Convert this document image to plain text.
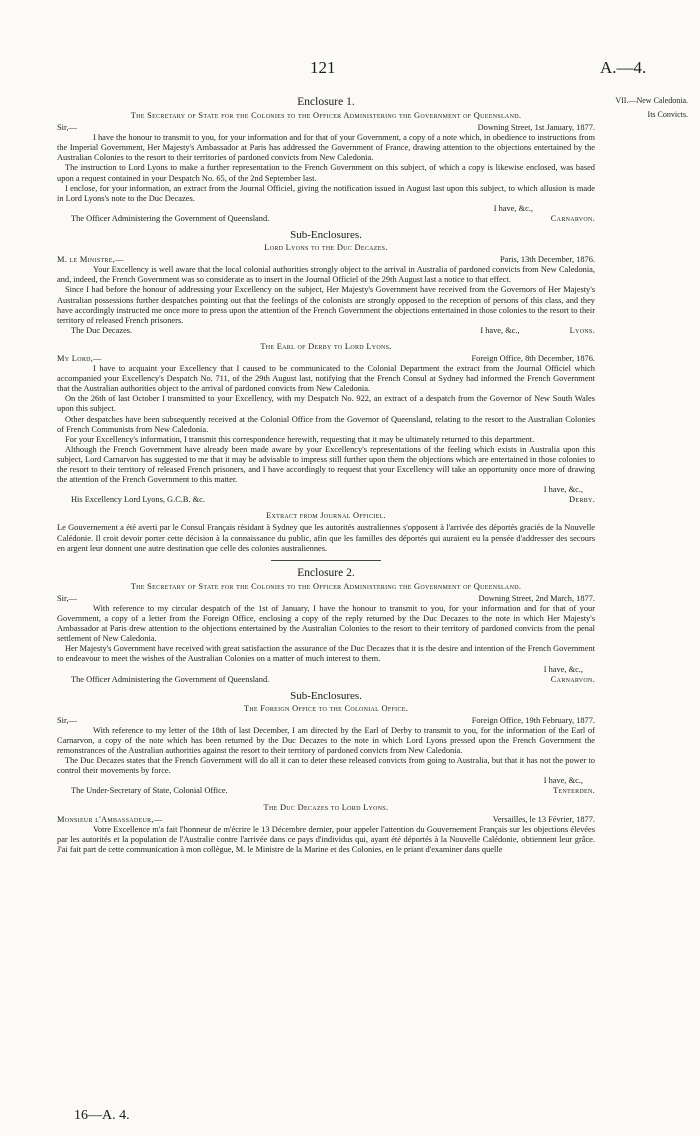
121	A.—4.
VII.—New Caledonia.
Its Convicts.
Enclosure 1.
The Secretary of State for the Colonies to the Officer Administering the Government of Queensland.
Sir,—	Downing Street, 1st January, 1877.

I have the honour to transmit to you, for your information and for that of your Government, a copy of a note which, in obedience to instructions from the Imperial Government, Her Majesty's Ambassador at Paris has addressed the Government of France, drawing attention to the objections entertained by the Australian Colonies to the resort to their territories of pardoned convicts from New Caledonia.

The instruction to Lord Lyons to make a further representation to the French Government on this subject, of which a copy is likewise enclosed, was based upon a request contained in your Despatch No. 65, of the 2nd September last.

I enclose, for your information, an extract from the Journal Officiel, giving the notification issued in August last upon this subject, to which allusion is made in Lord Lyons's note to the Duc Decazes.

I have, &c.,
The Officer Administering the Government of Queensland.	Carnarvon.
Sub-Enclosures.
Lord Lyons to the Duc Decazes.
M. le Ministre,—	Paris, 13th December, 1876.

Your Excellency is well aware that the local colonial authorities strongly object to the arrival in Australia of pardoned convicts from New Caledonia, and, indeed, the French Government was so considerate as to insert in the Journal Officiel of the 29th August last a notice to that effect.

Since I had before the honour of addressing your Excellency on the subject, Her Majesty's Government have received from the Governors of Her Majesty's Australian possessions further despatches pointing out that the feelings of the colonists are strongly opposed to the reception of persons of this class, and they have accordingly instructed me once more to press upon the attention of the French Government the objections entertained in those colonies to the resort to their territory of released French prisoners.

The Duc Decazes.	I have, &c.,	Lyons.
The Earl of Derby to Lord Lyons.
My Lord,—	Foreign Office, 8th December, 1876.

I have to acquaint your Excellency that I caused to be communicated to the Colonial Department the extract from the Journal Officiel which accompanied your Excellency's Despatch No. 711, of the 29th August last, notifying that the French Consul at Sydney had informed the French Government that the Australian authorities object to the arrival of pardoned convicts from New Caledonia.

On the 26th of last October I transmitted to your Excellency, with my Despatch No. 922, an extract of a despatch from the Governor of New South Wales upon this subject.

Other despatches have been subsequently received at the Colonial Office from the Governor of Queensland, relating to the resort to the Australian Colonies of French Communists from New Caledonia.

For your Excellency's information, I transmit this correspondence herewith, requesting that it may be ultimately returned to this department.

Although the French Government have already been made aware by your Excellency's representations of the feeling which exists in Australia upon this subject, Lord Carnarvon has suggested to me that it may be advisable to impress still further upon them the objections which are entertained in those colonies to the resort to their territory of released French prisoners, and I have accordingly to request that your Excellency will take an opportunity once more of drawing the attention of the French Government to this matter.

I have, &c.,
His Excellency Lord Lyons, G.C.B. &c.	Derby.
Extract from Journal Officiel.

Le Gouvernement a été averti par le Consul Français résidant à Sydney que les autorités australiennes s'opposent à l'arrivée des déportés graciés de la Nouvelle Calédonie. Il croit devoir porter cette décision à la connaissance du public, afin que les familles des déportés qui auraient eu la pensée d'addresser des secours en argent leur donnent une autre destination que celle des colonies australiennes.

Enclosure 2.
The Secretary of State for the Colonies to the Officer Administering the Government of Queensland.
Sir,—	Downing Street, 2nd March, 1877.

With reference to my circular despatch of the 1st of January, I have the honour to transmit to you, for your information and for that of your Government, a copy of a letter from the Foreign Office, enclosing a copy of the reply returned by the Duc Decazes to the note in which Her Majesty's Ambassador at Paris drew attention to the objections entertained by the Australian Colonies to the resort to their territory of pardoned convicts from the penal settlement of New Caledonia.

Her Majesty's Government have received with great satisfaction the assurance of the Duc Decazes that it is the desire and intention of the French Government to endeavour to meet the wishes of the Australian Colonies on a matter of much interest to them.

I have, &c.,
The Officer Administering the Government of Queensland.	Carnarvon.
Sub-Enclosures.
The Foreign Office to the Colonial Office.
Sir,—	Foreign Office, 19th February, 1877.

With reference to my letter of the 18th of last December, I am directed by the Earl of Derby to transmit to you, for the information of the Earl of Carnarvon, a copy of the note which has been returned by the Duc Decazes to the note in which Lord Lyons pressed upon the French Government the remonstrances of the Australian authorities against the resort to their territory of pardoned convicts from New Caledonia.

The Duc Decazes states that the French Government will do all it can to deter these released convicts from going to Australia, but that it has not the power to control their movements by force.

I have, &c.,
The Under-Secretary of State, Colonial Office.	Tenterden.
The Duc Decazes to Lord Lyons.
Monsieur l'Ambassadeur,—	Versailles, le 13 Février, 1877.

Votre Excellence m'a fait l'honneur de m'écrire le 13 Décembre dernier, pour appeler l'attention du Gouvernement Français sur les objections élevées par les autorités et la population de l'Australie contre l'arrivée dans ce pays d'individus qui, ayant été déportés à la Nouvelle Calédonie, obtiennent leur grâce. J'ai fait part de cette communication à mon collègue, M. le Ministre de la Marine et des Colonies, en le priant d'examiner dans quelle

16—A. 4.
